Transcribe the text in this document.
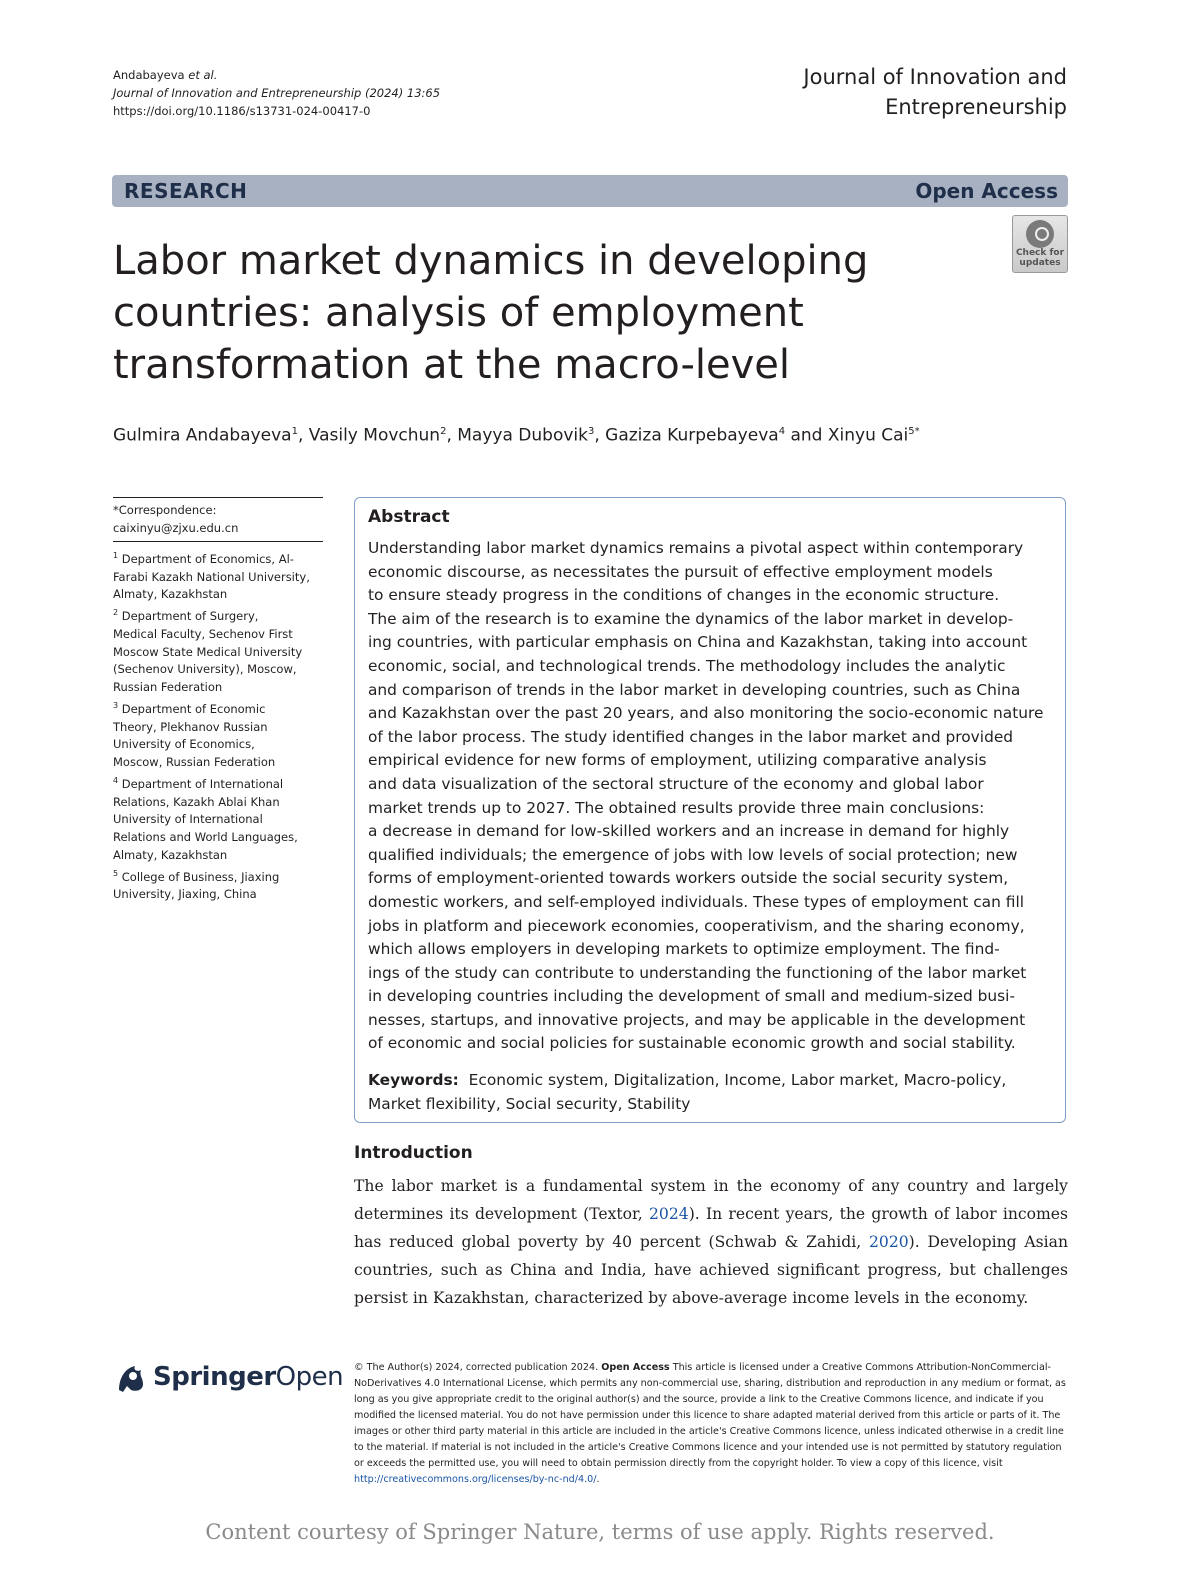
Andabayeva et al.
Journal of Innovation and Entrepreneurship (2024) 13:65
https://doi.org/10.1186/s13731-024-00417-0
Journal of Innovation and
Entrepreneurship
RESEARCH	Open Access
Labor market dynamics in developing
countries: analysis of employment
transformation at the macro-level
Check for
updates
Gulmira Andabayeva$^1$, Vasily Movchun$^2$, Mayya Dubovik$^3$, Gaziza Kurpebayeva$^4$ and Xinyu Cai$^{5*}$
*Correspondence:
caixinyu@zjxu.edu.cn
$^1$ Department of Economics, Al-
Farabi Kazakh National University,
Almaty, Kazakhstan
$^2$ Department of Surgery,
Medical Faculty, Sechenov First
Moscow State Medical University
(Sechenov University), Moscow,
Russian Federation
$^3$ Department of Economic
Theory, Plekhanov Russian
University of Economics,
Moscow, Russian Federation
$^4$ Department of International
Relations, Kazakh Ablai Khan
University of International
Relations and World Languages,
Almaty, Kazakhstan
$^5$ College of Business, Jiaxing
University, Jiaxing, China
Abstract
Understanding labor market dynamics remains a pivotal aspect within contemporary
economic discourse, as necessitates the pursuit of effective employment models
to ensure steady progress in the conditions of changes in the economic structure.
The aim of the research is to examine the dynamics of the labor market in develop-
ing countries, with particular emphasis on China and Kazakhstan, taking into account
economic, social, and technological trends. The methodology includes the analytic
and comparison of trends in the labor market in developing countries, such as China
and Kazakhstan over the past 20 years, and also monitoring the socio-economic nature
of the labor process. The study identified changes in the labor market and provided
empirical evidence for new forms of employment, utilizing comparative analysis
and data visualization of the sectoral structure of the economy and global labor
market trends up to 2027. The obtained results provide three main conclusions:
a decrease in demand for low-skilled workers and an increase in demand for highly
qualified individuals; the emergence of jobs with low levels of social protection; new
forms of employment-oriented towards workers outside the social security system,
domestic workers, and self-employed individuals. These types of employment can fill
jobs in platform and piecework economies, cooperativism, and the sharing economy,
which allows employers in developing markets to optimize employment. The find-
ings of the study can contribute to understanding the functioning of the labor market
in developing countries including the development of small and medium-sized busi-
nesses, startups, and innovative projects, and may be applicable in the development
of economic and social policies for sustainable economic growth and social stability.
Keywords: Economic system, Digitalization, Income, Labor market, Macro-policy,
Market flexibility, Social security, Stability
Introduction
The labor market is a fundamental system in the economy of any country and largely determines its development (Textor, 2024). In recent years, the growth of labor incomes has reduced global poverty by 40 percent (Schwab & Zahidi, 2020). Developing Asian countries, such as China and India, have achieved significant progress, but challenges persist in Kazakhstan, characterized by above-average income levels in the economy.
SpringerOpen © The Author(s) 2024, corrected publication 2024. Open Access This article is licensed under a Creative Commons Attribution-NonCommercial-NoDerivatives 4.0 International License, which permits any non-commercial use, sharing, distribution and reproduction in any medium or format, as long as you give appropriate credit to the original author(s) and the source, provide a link to the Creative Commons licence, and indicate if you modified the licensed material. You do not have permission under this licence to share adapted material derived from this article or parts of it. The images or other third party material in this article are included in the article's Creative Commons licence, unless indicated otherwise in a credit line to the material. If material is not included in the article's Creative Commons licence and your intended use is not permitted by statutory regulation or exceeds the permitted use, you will need to obtain permission directly from the copyright holder. To view a copy of this licence, visit http://creativecommons.org/licenses/by-nc-nd/4.0/.
Content courtesy of Springer Nature, terms of use apply. Rights reserved.
